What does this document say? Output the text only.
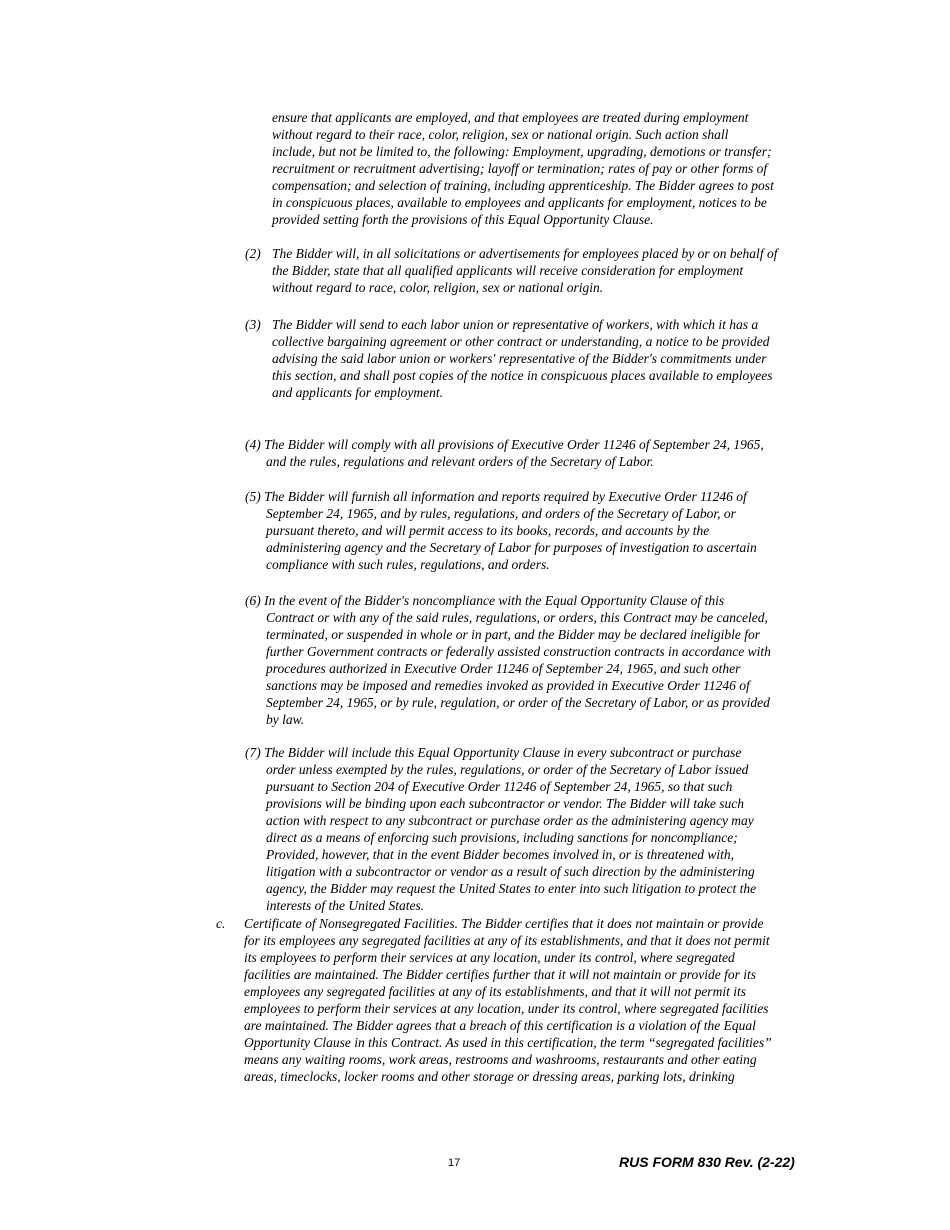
ensure that applicants are employed, and that employees are treated during employment
without regard to their race, color, religion, sex or national origin. Such action shall
include, but not be limited to, the following: Employment, upgrading, demotions or transfer;
recruitment or recruitment advertising; layoff or termination; rates of pay or other forms of
compensation; and selection of training, including apprenticeship. The Bidder agrees to post
in conspicuous places, available to employees and applicants for employment, notices to be
provided setting forth the provisions of this Equal Opportunity Clause.

(2) The Bidder will, in all solicitations or advertisements for employees placed by or on behalf of
the Bidder, state that all qualified applicants will receive consideration for employment
without regard to race, color, religion, sex or national origin.

(3) The Bidder will send to each labor union or representative of workers, with which it has a
collective bargaining agreement or other contract or understanding, a notice to be provided
advising the said labor union or workers' representative of the Bidder's commitments under
this section, and shall post copies of the notice in conspicuous places available to employees
and applicants for employment.

(4) The Bidder will comply with all provisions of Executive Order 11246 of September 24, 1965,
and the rules, regulations and relevant orders of the Secretary of Labor.

(5) The Bidder will furnish all information and reports required by Executive Order 11246 of
September 24, 1965, and by rules, regulations, and orders of the Secretary of Labor, or
pursuant thereto, and will permit access to its books, records, and accounts by the
administering agency and the Secretary of Labor for purposes of investigation to ascertain
compliance with such rules, regulations, and orders.

(6) In the event of the Bidder's noncompliance with the Equal Opportunity Clause of this
Contract or with any of the said rules, regulations, or orders, this Contract may be canceled,
terminated, or suspended in whole or in part, and the Bidder may be declared ineligible for
further Government contracts or federally assisted construction contracts in accordance with
procedures authorized in Executive Order 11246 of September 24, 1965, and such other
sanctions may be imposed and remedies invoked as provided in Executive Order 11246 of
September 24, 1965, or by rule, regulation, or order of the Secretary of Labor, or as provided
by law.

(7) The Bidder will include this Equal Opportunity Clause in every subcontract or purchase
order unless exempted by the rules, regulations, or order of the Secretary of Labor issued
pursuant to Section 204 of Executive Order 11246 of September 24, 1965, so that such
provisions will be binding upon each subcontractor or vendor. The Bidder will take such
action with respect to any subcontract or purchase order as the administering agency may
direct as a means of enforcing such provisions, including sanctions for noncompliance;
Provided, however, that in the event Bidder becomes involved in, or is threatened with,
litigation with a subcontractor or vendor as a result of such direction by the administering
agency, the Bidder may request the United States to enter into such litigation to protect the
interests of the United States.

c. Certificate of Nonsegregated Facilities. The Bidder certifies that it does not maintain or provide
for its employees any segregated facilities at any of its establishments, and that it does not permit
its employees to perform their services at any location, under its control, where segregated
facilities are maintained. The Bidder certifies further that it will not maintain or provide for its
employees any segregated facilities at any of its establishments, and that it will not permit its
employees to perform their services at any location, under its control, where segregated facilities
are maintained. The Bidder agrees that a breach of this certification is a violation of the Equal
Opportunity Clause in this Contract. As used in this certification, the term “segregated facilities”
means any waiting rooms, work areas, restrooms and washrooms, restaurants and other eating
areas, timeclocks, locker rooms and other storage or dressing areas, parking lots, drinking
17	RUS FORM 830 Rev. (2-22)
